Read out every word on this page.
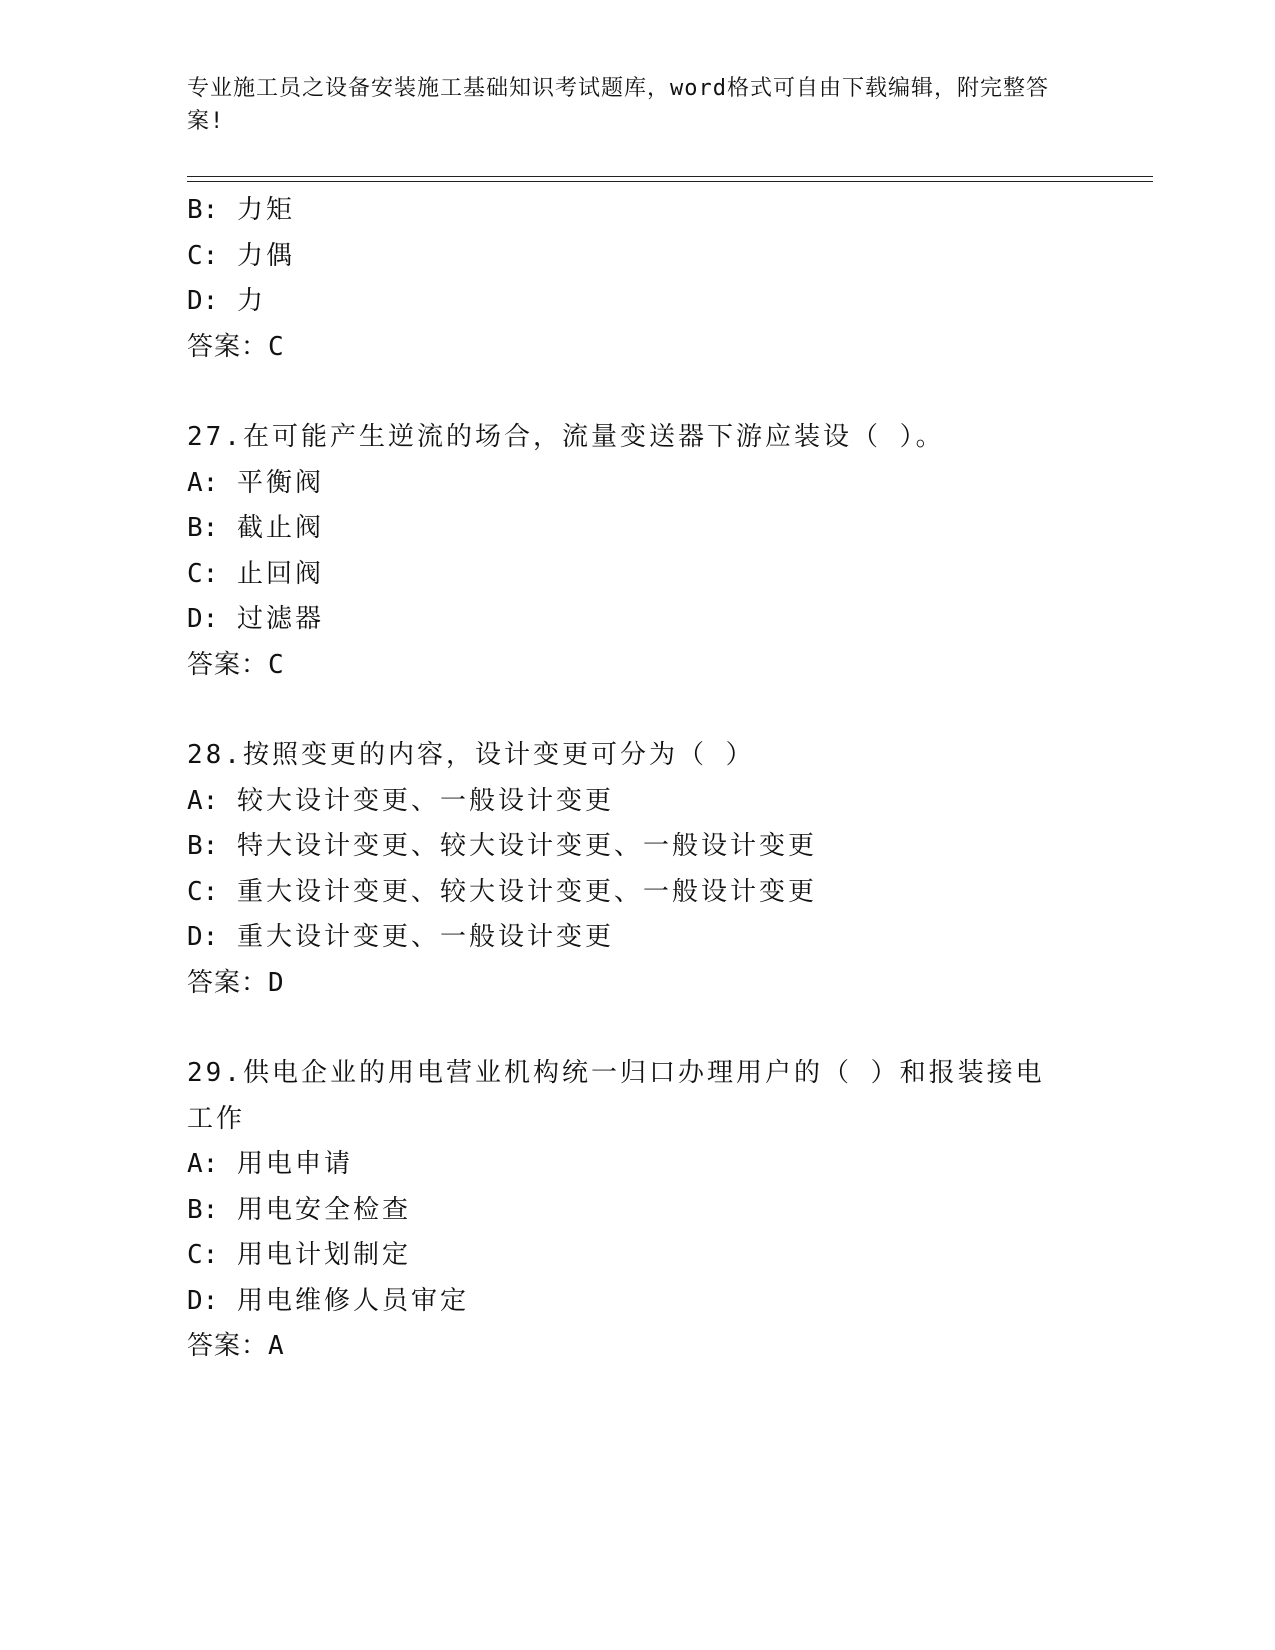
专业施工员之设备安装施工基础知识考试题库，word格式可自由下载编辑，附完整答案!
B: 力矩
C: 力偶
D: 力
答案：C
27.在可能产生逆流的场合，流量变送器下游应装设（ ）。
A: 平衡阀
B: 截止阀
C: 止回阀
D: 过滤器
答案：C
28.按照变更的内容，设计变更可分为（ ）
A: 较大设计变更、一般设计变更
B: 特大设计变更、较大设计变更、一般设计变更
C: 重大设计变更、较大设计变更、一般设计变更
D: 重大设计变更、一般设计变更
答案：D
29.供电企业的用电营业机构统一归口办理用户的（ ）和报装接电工作
A: 用电申请
B: 用电安全检查
C: 用电计划制定
D: 用电维修人员审定
答案：A
